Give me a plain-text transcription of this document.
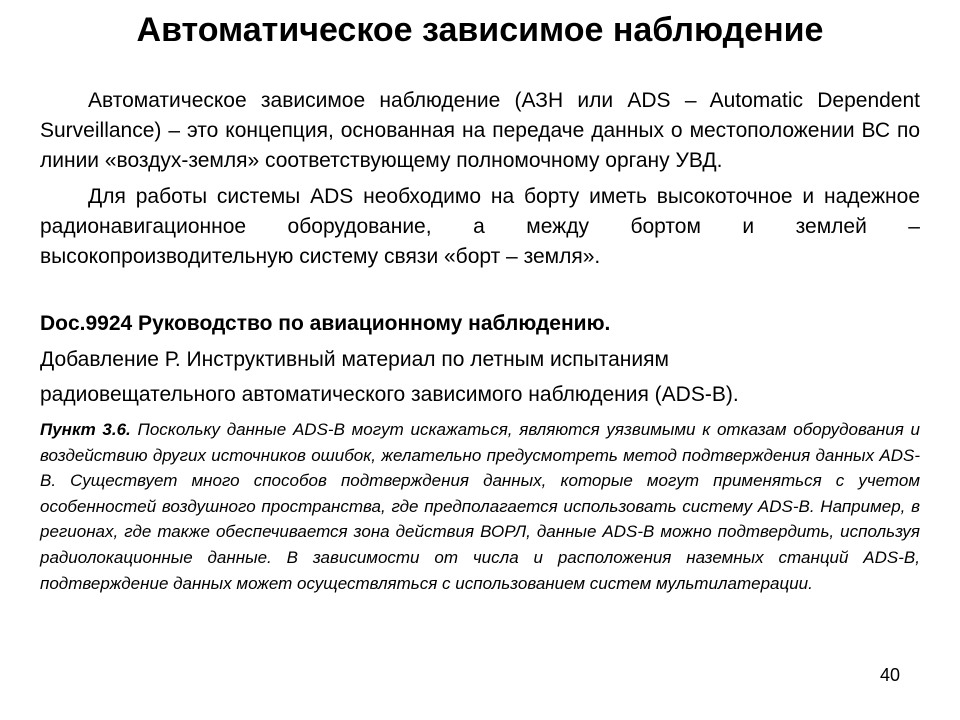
Автоматическое зависимое наблюдение

Автоматическое зависимое наблюдение (АЗН или ADS – Automatic Dependent Surveillance) – это концепция, основанная на передаче данных о местоположении ВС по линии «воздух-земля» соответствующему полномочному органу УВД.

Для работы системы ADS необходимо на борту иметь высокоточное и надежное радионавигационное оборудование, а между бортом и землей – высокопроизводительную систему связи «борт – земля».

Doc.9924 Руководство по авиационному наблюдению.

Добавление Р. Инструктивный материал по летным испытаниям
радиовещательного автоматического зависимого наблюдения (ADS-B).

Пункт 3.6. Поскольку данные ADS-B могут искажаться, являются уязвимыми к отказам оборудования и воздействию других источников ошибок, желательно предусмотреть метод подтверждения данных ADS-B. Существует много способов подтверждения данных, которые могут применяться с учетом особенностей воздушного пространства, где предполагается использовать систему ADS-B. Например, в регионах, где также обеспечивается зона действия ВОРЛ, данные ADS-B можно подтвердить, используя радиолокационные данные. В зависимости от числа и расположения наземных станций ADS-B, подтверждение данных может осуществляться с использованием систем мультилатерации.

40
